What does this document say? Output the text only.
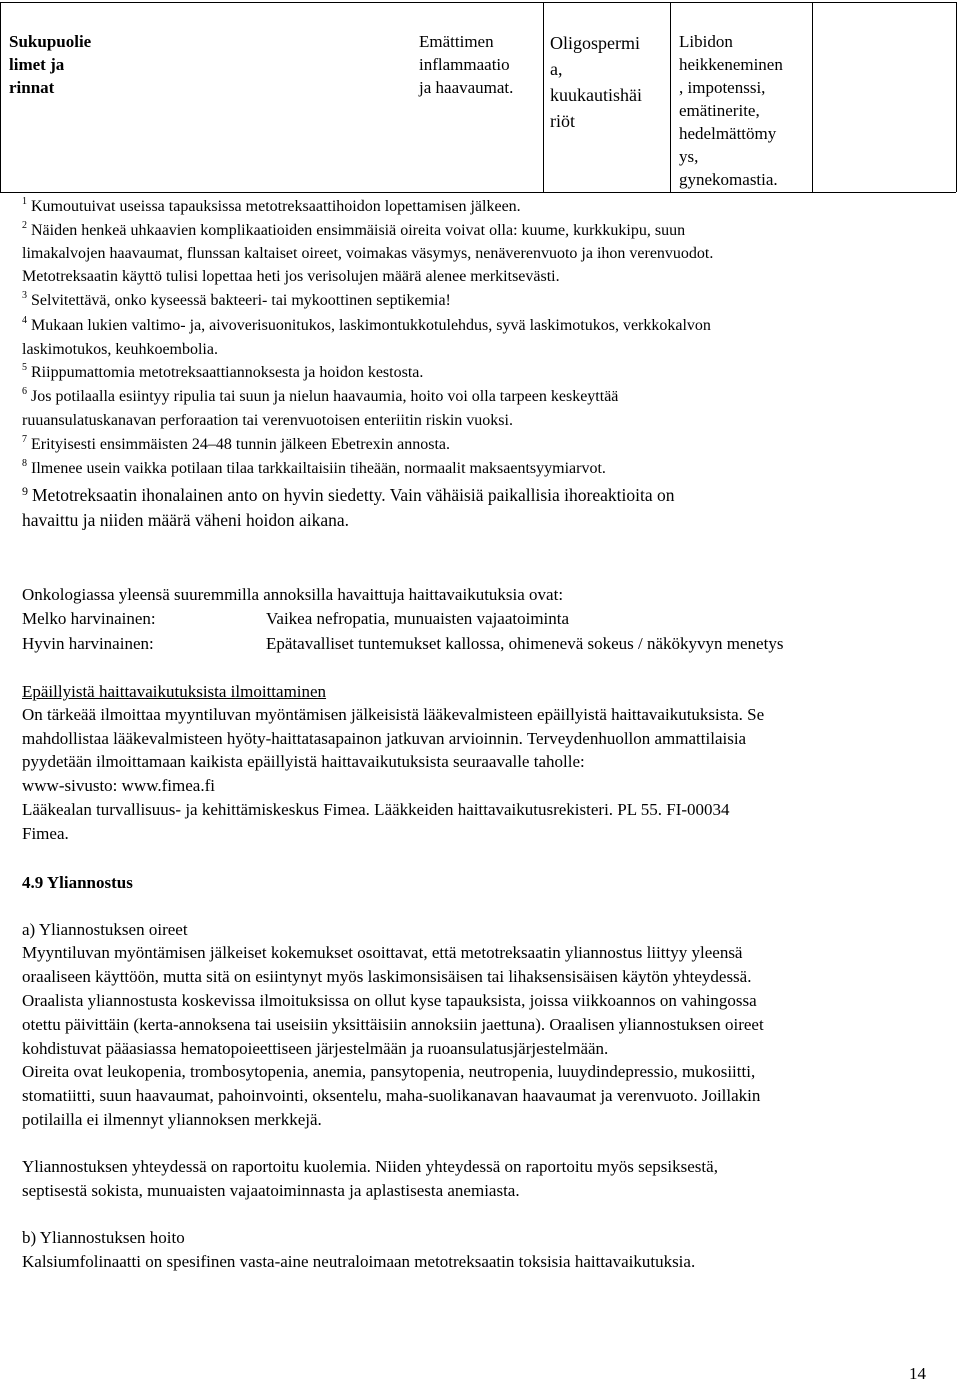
Sukupuolie
limet ja
rinnat
Emättimen
inflammaatio
ja haavaumat.
Oligospermi
a,
kuukautishäi
riöt
Libidon
heikkeneminen
, impotenssi,
emätinerite,
hedelmättömy
ys,
gynekomastia.
$^1$ Kumoutuivat useissa tapauksissa metotreksaattihoidon lopettamisen jälkeen.
$^2$ Näiden henkeä uhkaavien komplikaatioiden ensimmäisiä oireita voivat olla: kuume, kurkkukipu, suun
limakalvojen haavaumat, flunssan kaltaiset oireet, voimakas väsymys, nenäverenvuoto ja ihon verenvuodot.
Metotreksaatin käyttö tulisi lopettaa heti jos verisolujen määrä alenee merkitsevästi.
$^3$ Selvitettävä, onko kyseessä bakteeri- tai mykoottinen septikemia!
$^4$ Mukaan lukien valtimo- ja, aivoverisuonitukos, laskimontukkotulehdus, syvä laskimotukos, verkkokalvon
laskimotukos, keuhkoembolia.
$^5$ Riippumattomia metotreksaattiannoksesta ja hoidon kestosta.
$^6$ Jos potilaalla esiintyy ripulia tai suun ja nielun haavaumia, hoito voi olla tarpeen keskeyttää
ruuansulatuskanavan perforaation tai verenvuotoisen enteriitin riskin vuoksi.
$^7$ Erityisesti ensimmäisten 24–48 tunnin jälkeen Ebetrexin annosta.
$^8$ Ilmenee usein vaikka potilaan tilaa tarkkailtaisiin tiheään, normaalit maksaentsyymiarvot.
$^9$ Metotreksaatin ihonalainen anto on hyvin siedetty. Vain vähäisiä paikallisia ihoreaktioita on
havaittu ja niiden määrä väheni hoidon aikana.
Onkologiassa yleensä suuremmilla annoksilla havaittuja haittavaikutuksia ovat:
Melko harvinainen:	Vaikea nefropatia, munuaisten vajaatoiminta
Hyvin harvinainen:	Epätavalliset tuntemukset kallossa, ohimenevä sokeus / näkökyvyn menetys
Epäillyistä haittavaikutuksista ilmoittaminen
On tärkeää ilmoittaa myyntiluvan myöntämisen jälkeisistä lääkevalmisteen epäillyistä haittavaikutuksista. Se
mahdollistaa lääkevalmisteen hyöty-haittatasapainon jatkuvan arvioinnin. Terveydenhuollon ammattilaisia
pyydetään ilmoittamaan kaikista epäillyistä haittavaikutuksista seuraavalle taholle:
www-sivusto: www.fimea.fi
Lääkealan turvallisuus- ja kehittämiskeskus Fimea. Lääkkeiden haittavaikutusrekisteri. PL 55. FI-00034
Fimea.
4.9 Yliannostus
a) Yliannostuksen oireet
Myyntiluvan myöntämisen jälkeiset kokemukset osoittavat, että metotreksaatin yliannostus liittyy yleensä
oraaliseen käyttöön, mutta sitä on esiintynyt myös laskimonsisäisen tai lihaksensisäisen käytön yhteydessä.
Oraalista yliannostusta koskevissa ilmoituksissa on ollut kyse tapauksista, joissa viikkoannos on vahingossa
otettu päivittäin (kerta-annoksena tai useisiin yksittäisiin annoksiin jaettuna). Oraalisen yliannostuksen oireet
kohdistuvat pääasiassa hematopoieettiseen järjestelmään ja ruoansulatusjärjestelmään.
Oireita ovat leukopenia, trombosytopenia, anemia, pansytopenia, neutropenia, luuydindepressio, mukosiitti,
stomatiitti, suun haavaumat, pahoinvointi, oksentelu, maha-suolikanavan haavaumat ja verenvuoto. Joillakin
potilailla ei ilmennyt yliannoksen merkkejä.
Yliannostuksen yhteydessä on raportoitu kuolemia. Niiden yhteydessä on raportoitu myös sepsiksestä,
septisestä sokista, munuaisten vajaatoiminnasta ja aplastisesta anemiasta.
b) Yliannostuksen hoito
Kalsiumfolinaatti on spesifinen vasta-aine neutraloimaan metotreksaatin toksisia haittavaikutuksia.
14
